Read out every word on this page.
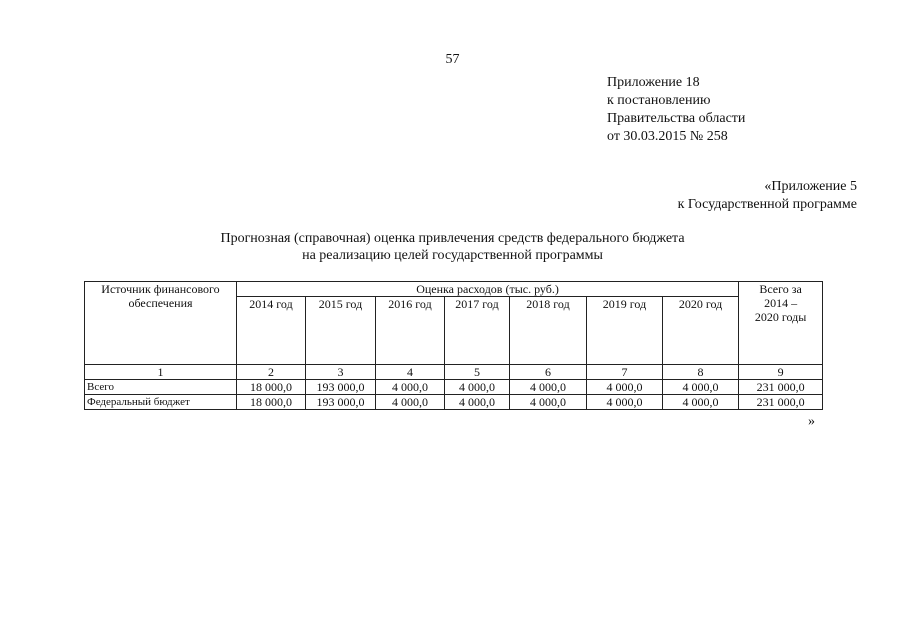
57
Приложение 18
к постановлению
Правительства области
от 30.03.2015 № 258
«Приложение 5
к Государственной программе
Прогнозная (справочная) оценка привлечения средств федерального бюджета
на реализацию целей государственной программы
Источник финансового обеспечения	Оценка расходов (тыс. руб.)							Всего за 2014 – 2020 годы
	2014 год	2015 год	2016 год	2017 год	2018 год	2019 год	2020 год	
1	2	3	4	5	6	7	8	9
Всего	18 000,0	193 000,0	4 000,0	4 000,0	4 000,0	4 000,0	4 000,0	231 000,0
Федеральный бюджет	18 000,0	193 000,0	4 000,0	4 000,0	4 000,0	4 000,0	4 000,0	231 000,0
»
